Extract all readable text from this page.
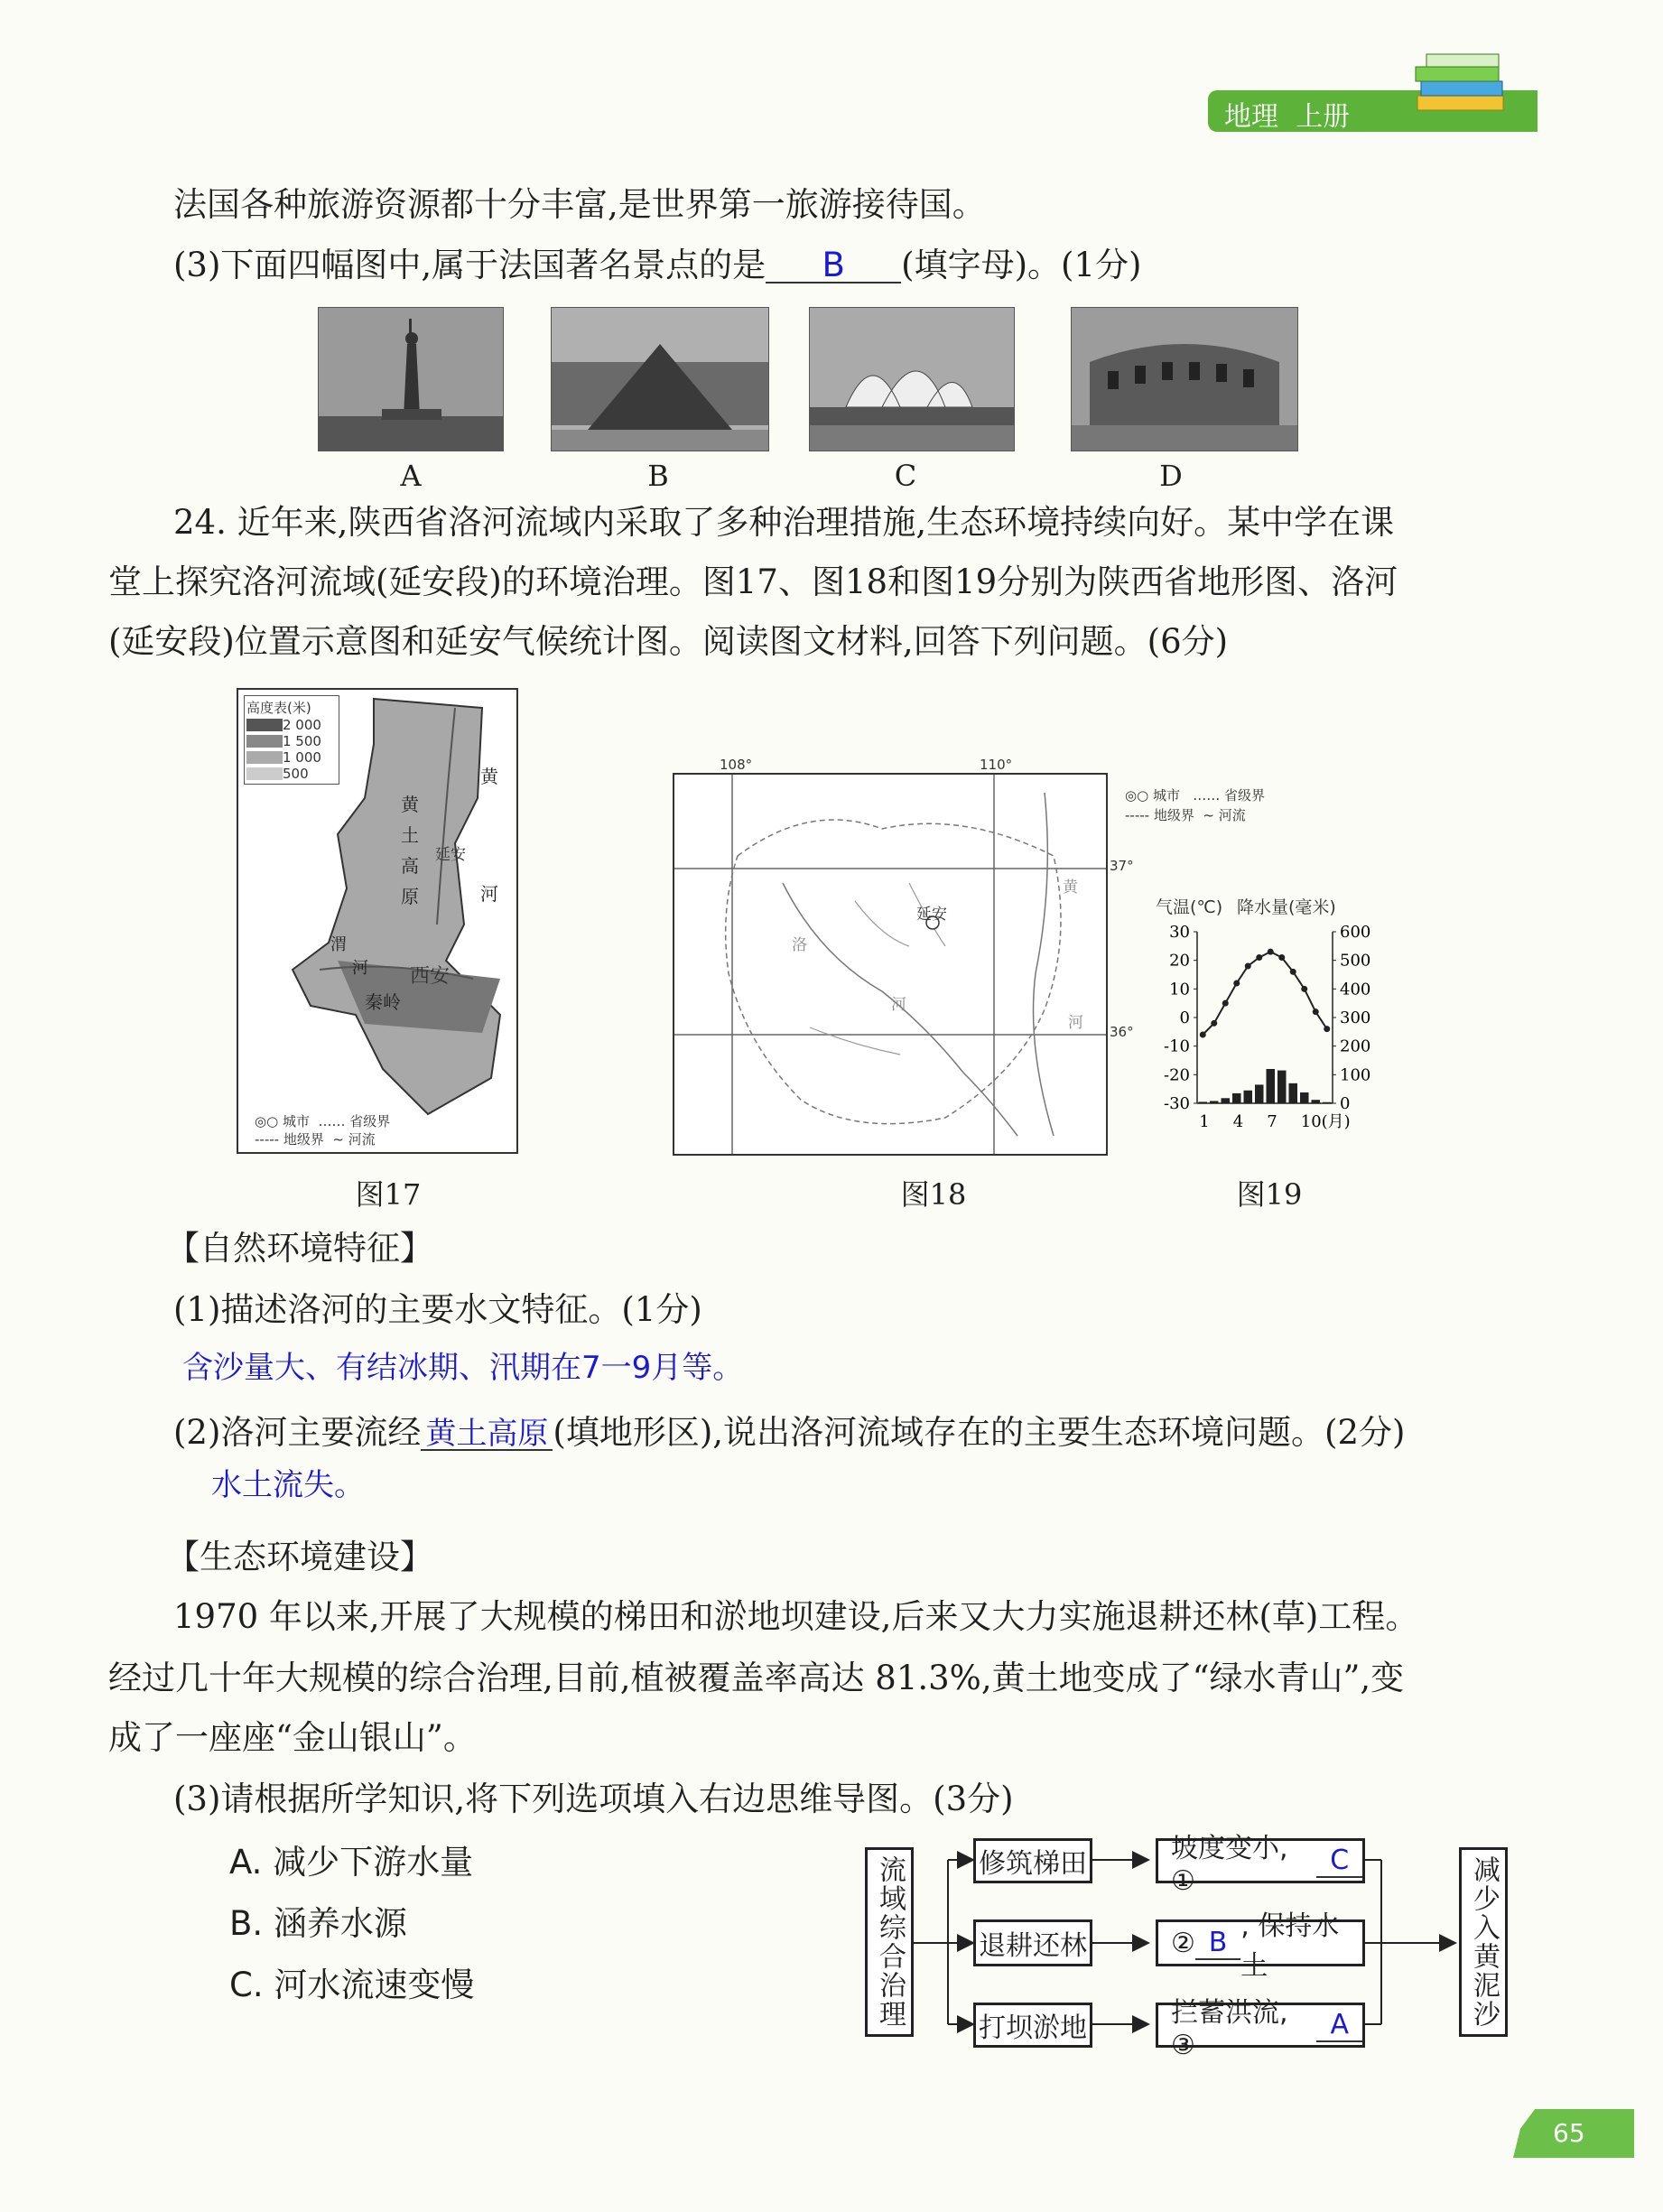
地理 上册
法国各种旅游资源都十分丰富,是世界第一旅游接待国。
(3)下面四幅图中,属于法国著名景点的是 B (填字母)。(1分)
A	B	C	D
24. 近年来,陕西省洛河流域内采取了多种治理措施,生态环境持续向好。某中学在课
堂上探究洛河流域(延安段)的环境治理。图17、图18和图19分别为陕西省地形图、洛河
(延安段)位置示意图和延安气候统计图。阅读图文材料,回答下列问题。(6分)
高度表(米)
2 000
1 500
1 000
500
黄土高原
延安
西安
秦岭
黄
河
渭
河
◎○ 城市  …… 省级界
----- 地级界  ~ 河流
图17
108°	110°
37°
36°
延安
洛
河
黄
河
◎○ 城市   …… 省级界
----- 地级界  ~ 河流
图18
气温(℃) 降水量(毫米)
30
20
10
0
-10
-20
-30
600
500
400
300
200
100
0
1 4 7 10(月)
图19
【自然环境特征】
(1)描述洛河的主要水文特征。(1分)
含沙量大、有结冰期、汛期在7一9月等。
(2)洛河主要流经 黄土高原 (填地形区),说出洛河流域存在的主要生态环境问题。(2分)
水土流失。
【生态环境建设】
1970 年以来,开展了大规模的梯田和淤地坝建设,后来又大力实施退耕还林(草)工程。
经过几十年大规模的综合治理,目前,植被覆盖率高达 81.3%,黄土地变成了“绿水青山”,变
成了一座座“金山银山”。
(3)请根据所学知识,将下列选项填入右边思维导图。(3分)
A. 减少下游水量
B. 涵养水源
C. 河水流速变慢	流域综合治理	修筑梯田
退耕还林
打坝淤地
坡度变小, ①
C
② B , 保持水土
拦蓄洪流, ③
A	减少入黄泥沙
65
